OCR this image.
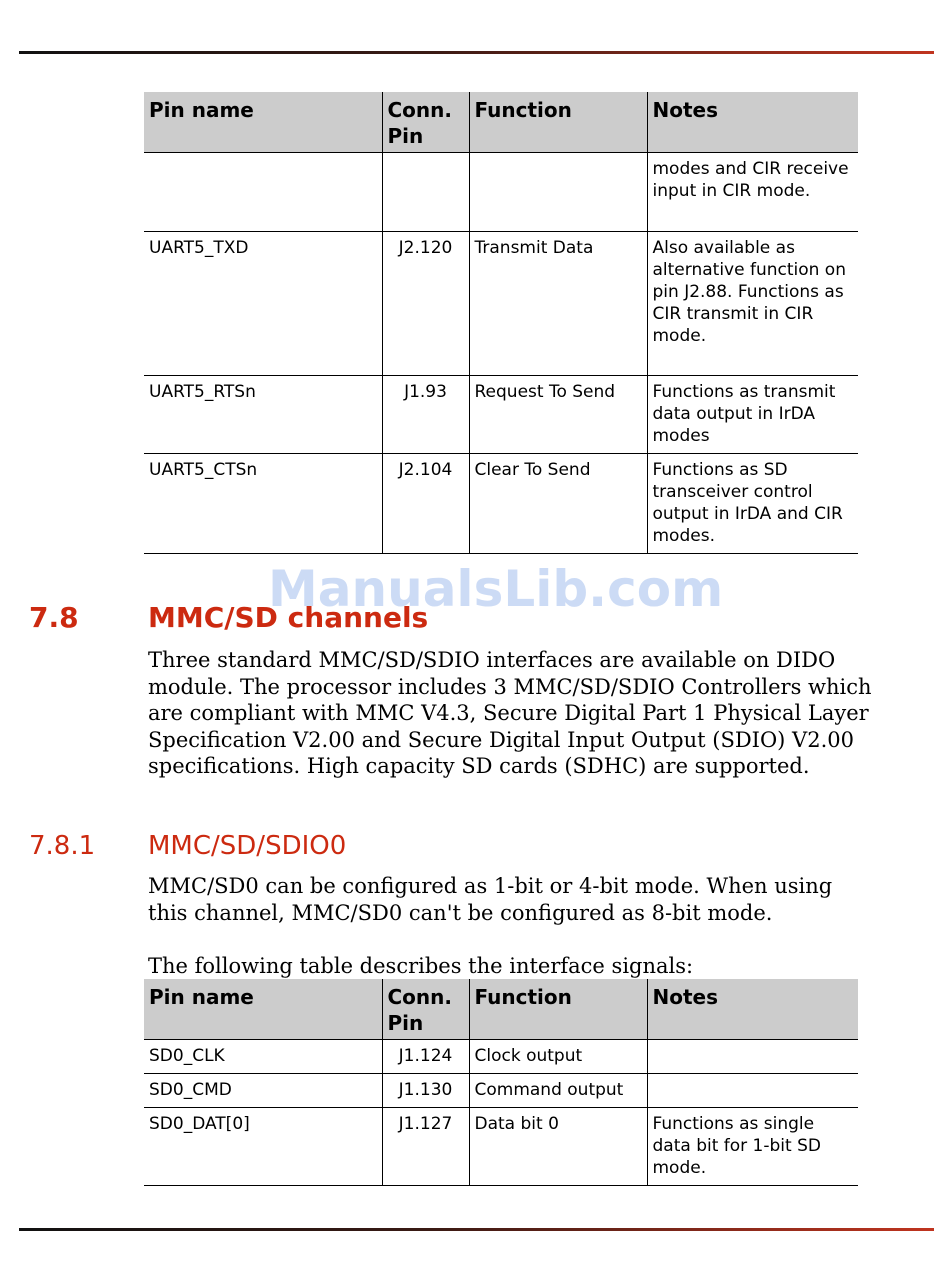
Pin name	Conn. Pin	Function	Notes
			modes and CIR receive input in CIR mode.
UART5_TXD	J2.120	Transmit Data	Also available as alternative function on pin J2.88. Functions as CIR transmit in CIR mode.
UART5_RTSn	J1.93	Request To Send	Functions as transmit data output in IrDA modes
UART5_CTSn	J2.104	Clear To Send	Functions as SD transceiver control output in IrDA and CIR modes.
ManualsLib.com
7.8 MMC/SD channels

Three standard MMC/SD/SDIO interfaces are available on DIDO module. The processor includes 3 MMC/SD/SDIO Controllers which are compliant with MMC V4.3, Secure Digital Part 1 Physical Layer Specification V2.00 and Secure Digital Input Output (SDIO) V2.00 specifications. High capacity SD cards (SDHC) are supported.

7.8.1 MMC/SD/SDIO0

MMC/SD0 can be configured as 1-bit or 4-bit mode. When using this channel, MMC/SD0 can't be configured as 8-bit mode.

The following table describes the interface signals:

Pin name	Conn. Pin	Function	Notes
SD0_CLK	J1.124	Clock output	
SD0_CMD	J1.130	Command output	
SD0_DAT[0]	J1.127	Data bit 0	Functions as single data bit for 1-bit SD mode.
